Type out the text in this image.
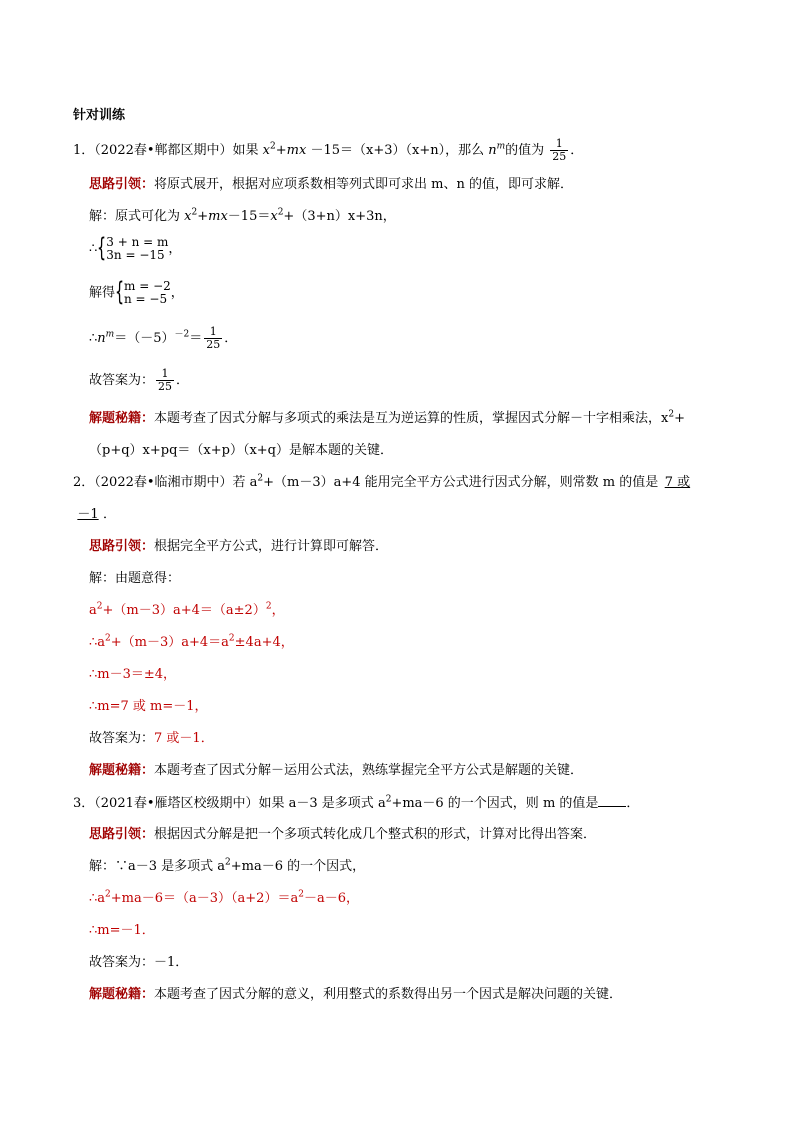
针对训练
1．（2022春•郸都区期中）如果 $x^2+mx -15=(x+3)(x+n)$，那么 $n^m$的值为 $\frac{1}{25}$ ．
思路引领：将原式展开，根据对应项系数相等列式即可求出 m、n 的值，即可求解．
解：原式可化为 $x^2+mx-15=x^2+(3+n)x+3n$，
∴ { 3 + n = m
3n = −15 ，
解得 { m = −2
n = −5 ，
$\therefore n^m=(-5)^{-2}= \frac{1}{25}$ ．
故答案为： $\frac{1}{25}$ ．
解题秘籍：本题考查了因式分解与多项式的乘法是互为逆运算的性质，掌握因式分解－十字相乘法，$x^2+$
（p+q）x+pq＝（x+p）（x+q）是解本题的关键．
2．（2022春•临湘市期中）若 $a^2+(m-3)a+4$ 能用完全平方公式进行因式分解，则常数 m 的值是 7 或
－1 ．
思路引领：根据完全平方公式，进行计算即可解答．
解：由题意得：
$a^2+(m-3)a+4=(a\pm 2)^2$，
$\therefore a^2+(m-3)a+4=a^2\pm 4a+4$，
∴m－3＝±4，
∴m=7 或 m=－1，
故答案为：7 或－1．
解题秘籍：本题考查了因式分解－运用公式法，熟练掌握完全平方公式是解题的关键．
3．（2021春•雁塔区校级期中）如果 a－3 是多项式 $a^2+ma-6$ 的一个因式，则 m 的值是 ．
思路引领：根据因式分解是把一个多项式转化成几个整式积的形式，计算对比得出答案．
解：∵a－3 是多项式 $a^2+ma-6$ 的一个因式，
$\therefore a^2+ma-6=(a-3)(a+2)=a^2-a-6$，
∴m=－1．
故答案为：－1．
解题秘籍：本题考查了因式分解的意义，利用整式的系数得出另一个因式是解决问题的关键．
